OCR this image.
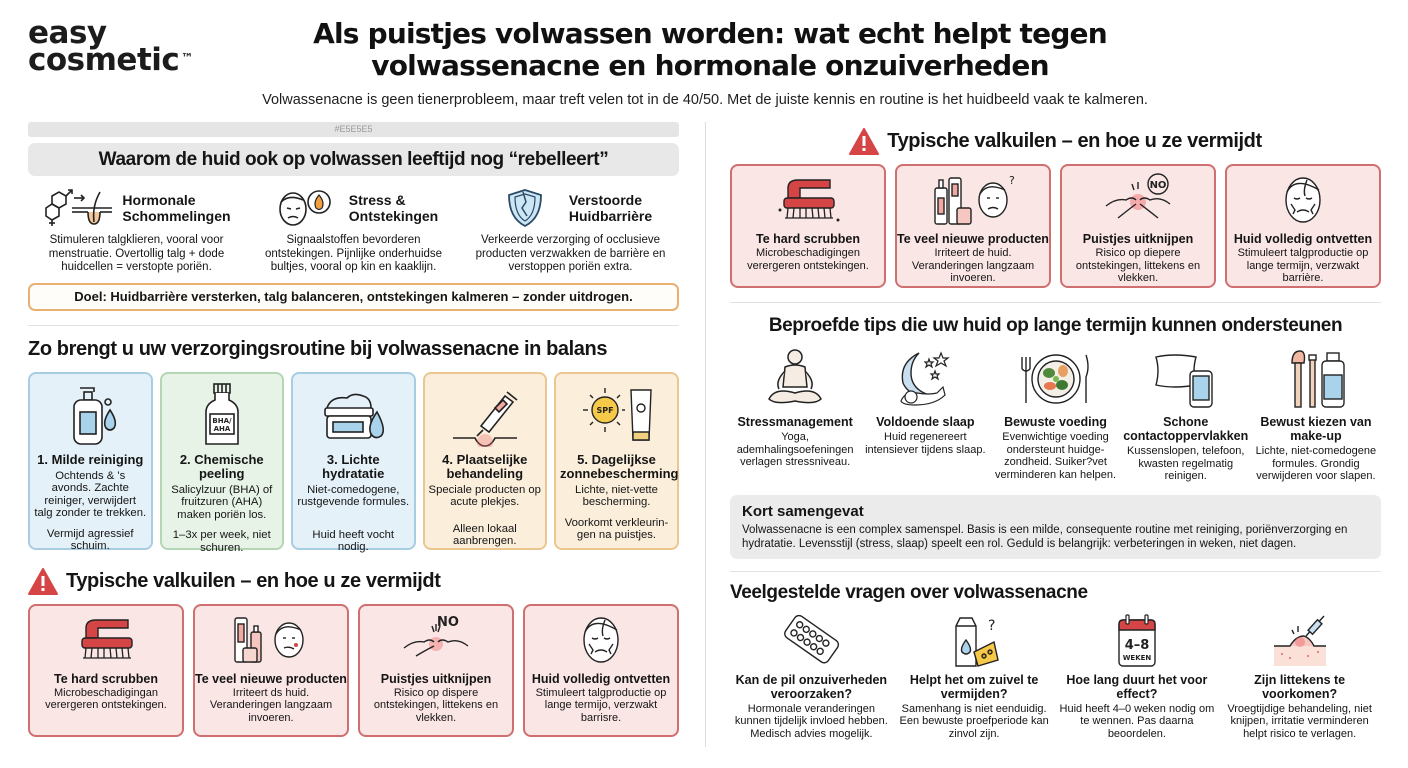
easy
cosmetic ™
Als puistjes volwassen worden: wat echt helpt tegen
volwassenacne en hormonale onzuiverheden
Volwassenacne is geen tienerprobleem, maar treft velen tot in de 40/50. Met de juiste kennis en routine is het huidbeeld vaak te kalmeren.
#E5E5E5
Waarom de huid ook op volwassen leeftijd nog “rebelleert”
Hormonale
Schommelingen
Stimuleren talgklieren, vooral voor menstruatie. Overtollig talg + dode huidcellen = verstopte poriën.
Stress &
Ontstekingen
Signaalstoffen bevorderen ontstekingen. Pijnlijke onderhuidse bultjes, vooral op kin en kaaklijn.
Verstoorde
Huidbarrière
Verkeerde verzorging of occlusieve producten verzwakken de barrière en verstoppen poriën extra.
Doel: Huidbarrière versterken, talg balanceren, ontstekingen kalmeren – zonder uitdrogen.
Zo brengt u uw verzorgingsroutine bij volwassenacne in balans
1. Milde reiniging
Ochtends & 's avonds. Zachte reiniger, verwijdert talg zonder te trekken.
Vermijd agressief schuim.
BHA/
AHA
2. Chemische peeling
Salicylzuur (BHA) of fruitzuren (AHA) maken poriën los.
1–3x per week, niet schuren.
3. Lichte hydratatie
Niet-comedogene, rustgevende formules.
Huid heeft vocht nodig.
4. Plaatselijke behandeling
Speciale producten op acute plekjes.
Alleen lokaal aanbrengen.
SPF
5. Dagelijkse zonnebescherming
Lichte, niet-vette bescherming.
Voorkomt verkleurin-gen na puistjes.
Typische valkuilen – en hoe u ze vermijdt
Te hard scrubben
Microbeschadigingan verergeren ontstekingen.
Te veel nieuwe producten
Irriteert ds huid. Veranderingen langzaam invoeren.
NO
Puistjes uitknijpen
Risico op dispere ontstekingen, littekens en vlekken.
Huid volledig ontvetten
Stimuleert talgproductie op lange termijo, verzwakt barriѕre.
Typische valkuilen – en hoe u ze vermijdt
Te hard scrubben
Microbeschadigingen verergeren ontstekingen.
?
Te veel nieuwe producten
Irriteert de huid. Veranderingen langzaam invoeren.
NO
Puistjes uitknijpen
Risico op diepere ontstekingen, littekens en vlekken.
Huid volledig ontvetten
Stimuleert talgproductie op lange termijn, verzwakt barrière.
Beproefde tips die uw huid op lange termijn kunnen ondersteunen
Stressmanagement
Yoga, ademhalingsoefeningen verlagen stressniveau.
Voldoende slaap
Huid regenereert intensiever tijdens slaap.
Bewuste voeding
Evenwichtige voeding ondersteunt huidge-zondheid. Suiker?vet verminderen kan helpen.
Schone contactoppervlakken
Kussenslopen, telefoon, kwasten regelmatig reinigen.
Bewust kiezen van make-up
Lichte, niet-comedogene formules. Grondig verwijderen voor slapen.
Kort samengevat
Volwassenacne is een complex samenspel. Basis is een milde, consequente routine met reiniging, poriënverzorging en hydratatie. Levensstijl (stress, slaap) speelt een rol. Geduld is belangrijk: verbeteringen in weken, niet dagen.
Veelgestelde vragen over volwassenacne
Kan de pil onzuiverheden veroorzaken?
Hormonale veranderingen kunnen tijdelijk invloed hebben. Medisch advies mogelijk.
?
Helpt het om zuivel te vermijden?
Samenhang is niet eenduidig. Een bewuste proefperiode kan zinvol zijn.
4–8
WEKEN
Hoe lang duurt het voor effect?
Huid heeft 4–0 weken nodig om te wennen. Pas daarna beoordelen.
Zijn littekens te voorkomen?
Vroegtijdige behandeling, niet knijpen, irritatie verminderen helpt risico te verlagen.
